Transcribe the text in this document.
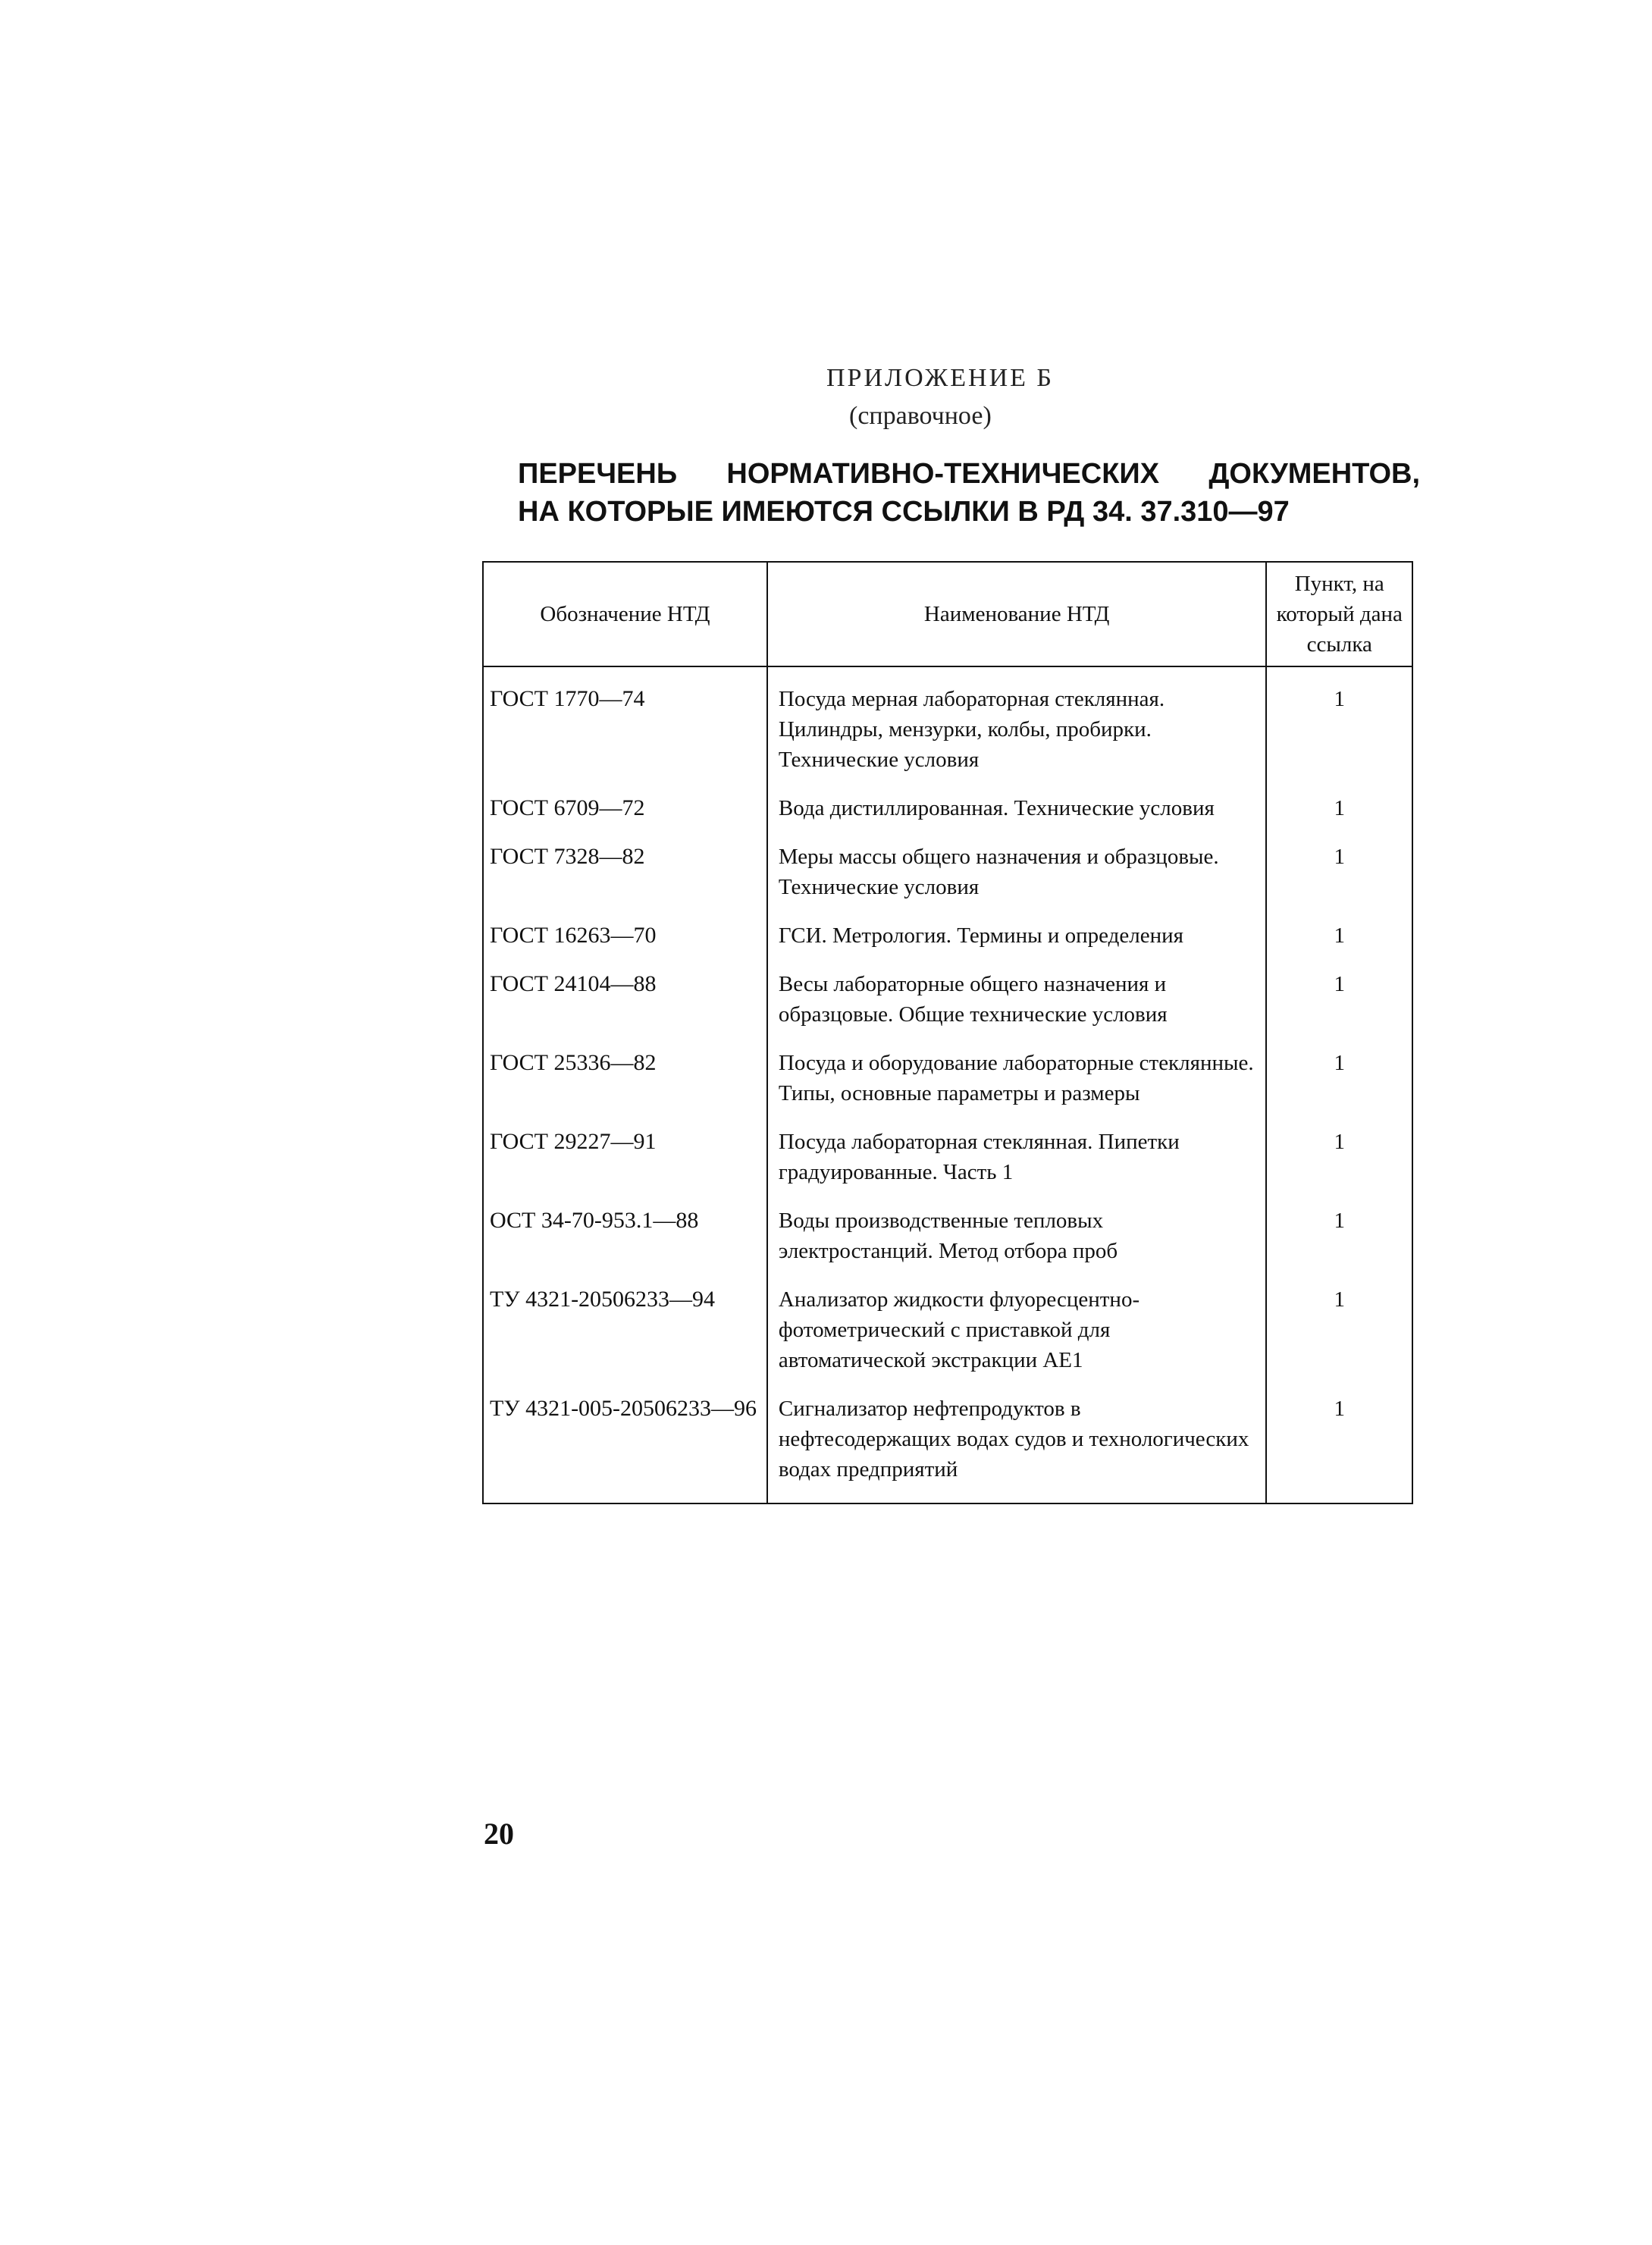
ПРИЛОЖЕНИЕ Б
(справочное)
ПЕРЕЧЕНЬ НОРМАТИВНО-ТЕХНИЧЕСКИХ ДОКУМЕНТОВ,
НА КОТОРЫЕ ИМЕЮТСЯ ССЫЛКИ В РД 34. 37.310—97
Обозначение НТД	Наименование НТД	Пункт, на который дана ссылка
ГОСТ 1770—74	Посуда мерная лабораторная стеклянная. Цилиндры, мензурки, колбы, пробирки. Технические условия	1
ГОСТ 6709—72	Вода дистиллированная. Технические условия	1
ГОСТ 7328—82	Меры массы общего назначения и образцовые. Технические условия	1
ГОСТ 16263—70	ГСИ. Метрология. Термины и определения	1
ГОСТ 24104—88	Весы лабораторные общего назначения и образцовые. Общие технические условия	1
ГОСТ 25336—82	Посуда и оборудование лабораторные стеклянные. Типы, основные параметры и размеры	1
ГОСТ 29227—91	Посуда лабораторная стеклянная. Пипетки градуированные. Часть 1	1
ОСТ 34-70-953.1—88	Воды производственные тепловых электростанций. Метод отбора проб	1
ТУ 4321-20506233—94	Анализатор жидкости флуоресцентно-фотометрический с приставкой для автоматической экстракции АЕ1	1
ТУ 4321-005-20506233—96	Сигнализатор нефтепродуктов в нефтесодержащих водах судов и технологических водах предприятий	1
20
